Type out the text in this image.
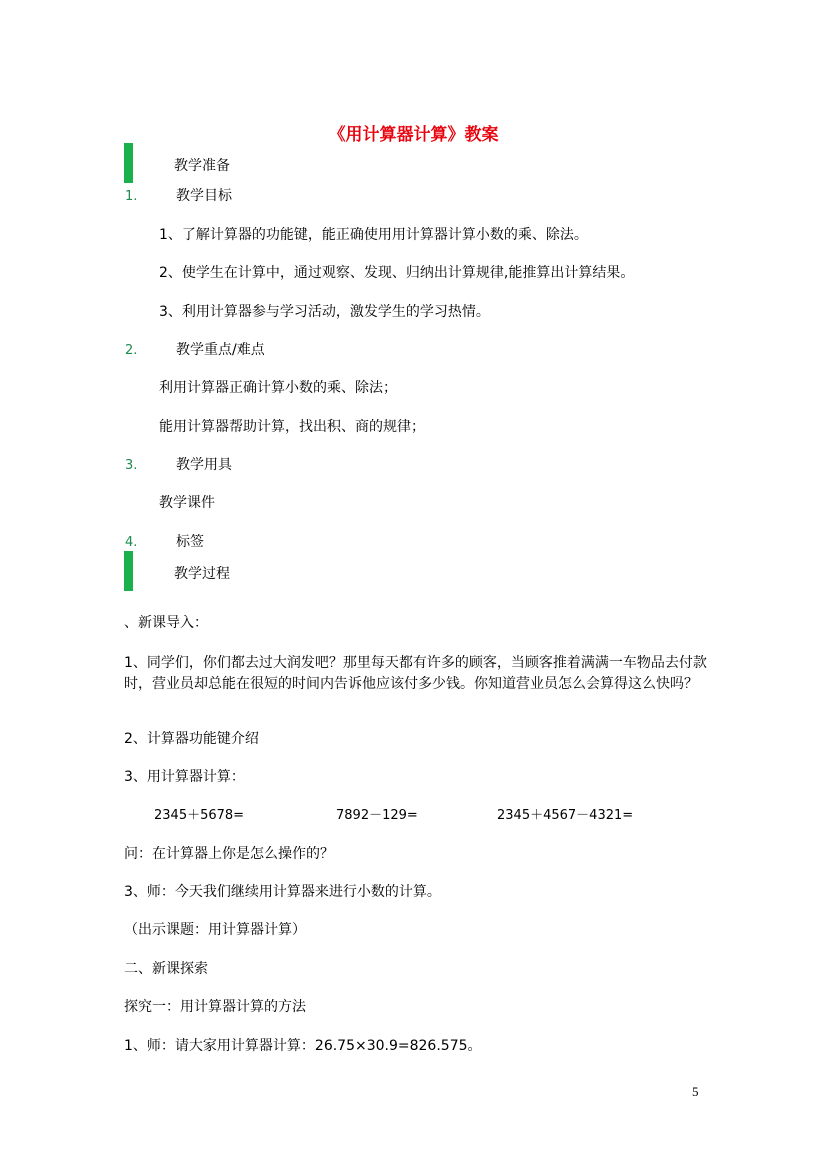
《用计算器计算》教案
教学准备
1.	教学目标
1、了解计算器的功能键，能正确使用用计算器计算小数的乘、除法。
2、使学生在计算中，通过观察、发现、归纳出计算规律,能推算出计算结果。
3、利用计算器参与学习活动，激发学生的学习热情。
2.	教学重点/难点
利用计算器正确计算小数的乘、除法；
能用计算器帮助计算，找出积、商的规律；
3.	教学用具
教学课件
4.	标签
教学过程
、新课导入：
1、同学们，你们都去过大润发吧？那里每天都有许多的顾客，当顾客推着满满一车物品去付款时，营业员却总能在很短的时间内告诉他应该付多少钱。你知道营业员怎么会算得这么快吗？
2、计算器功能键介绍
3、用计算器计算：
2345＋5678=	7892－129=	2345＋4567－4321=
问：在计算器上你是怎么操作的？
3、师：今天我们继续用计算器来进行小数的计算。
（出示课题：用计算器计算）
二、新课探索
探究一：用计算器计算的方法
1、师：请大家用计算器计算：26.75×30.9=826.575。
5
